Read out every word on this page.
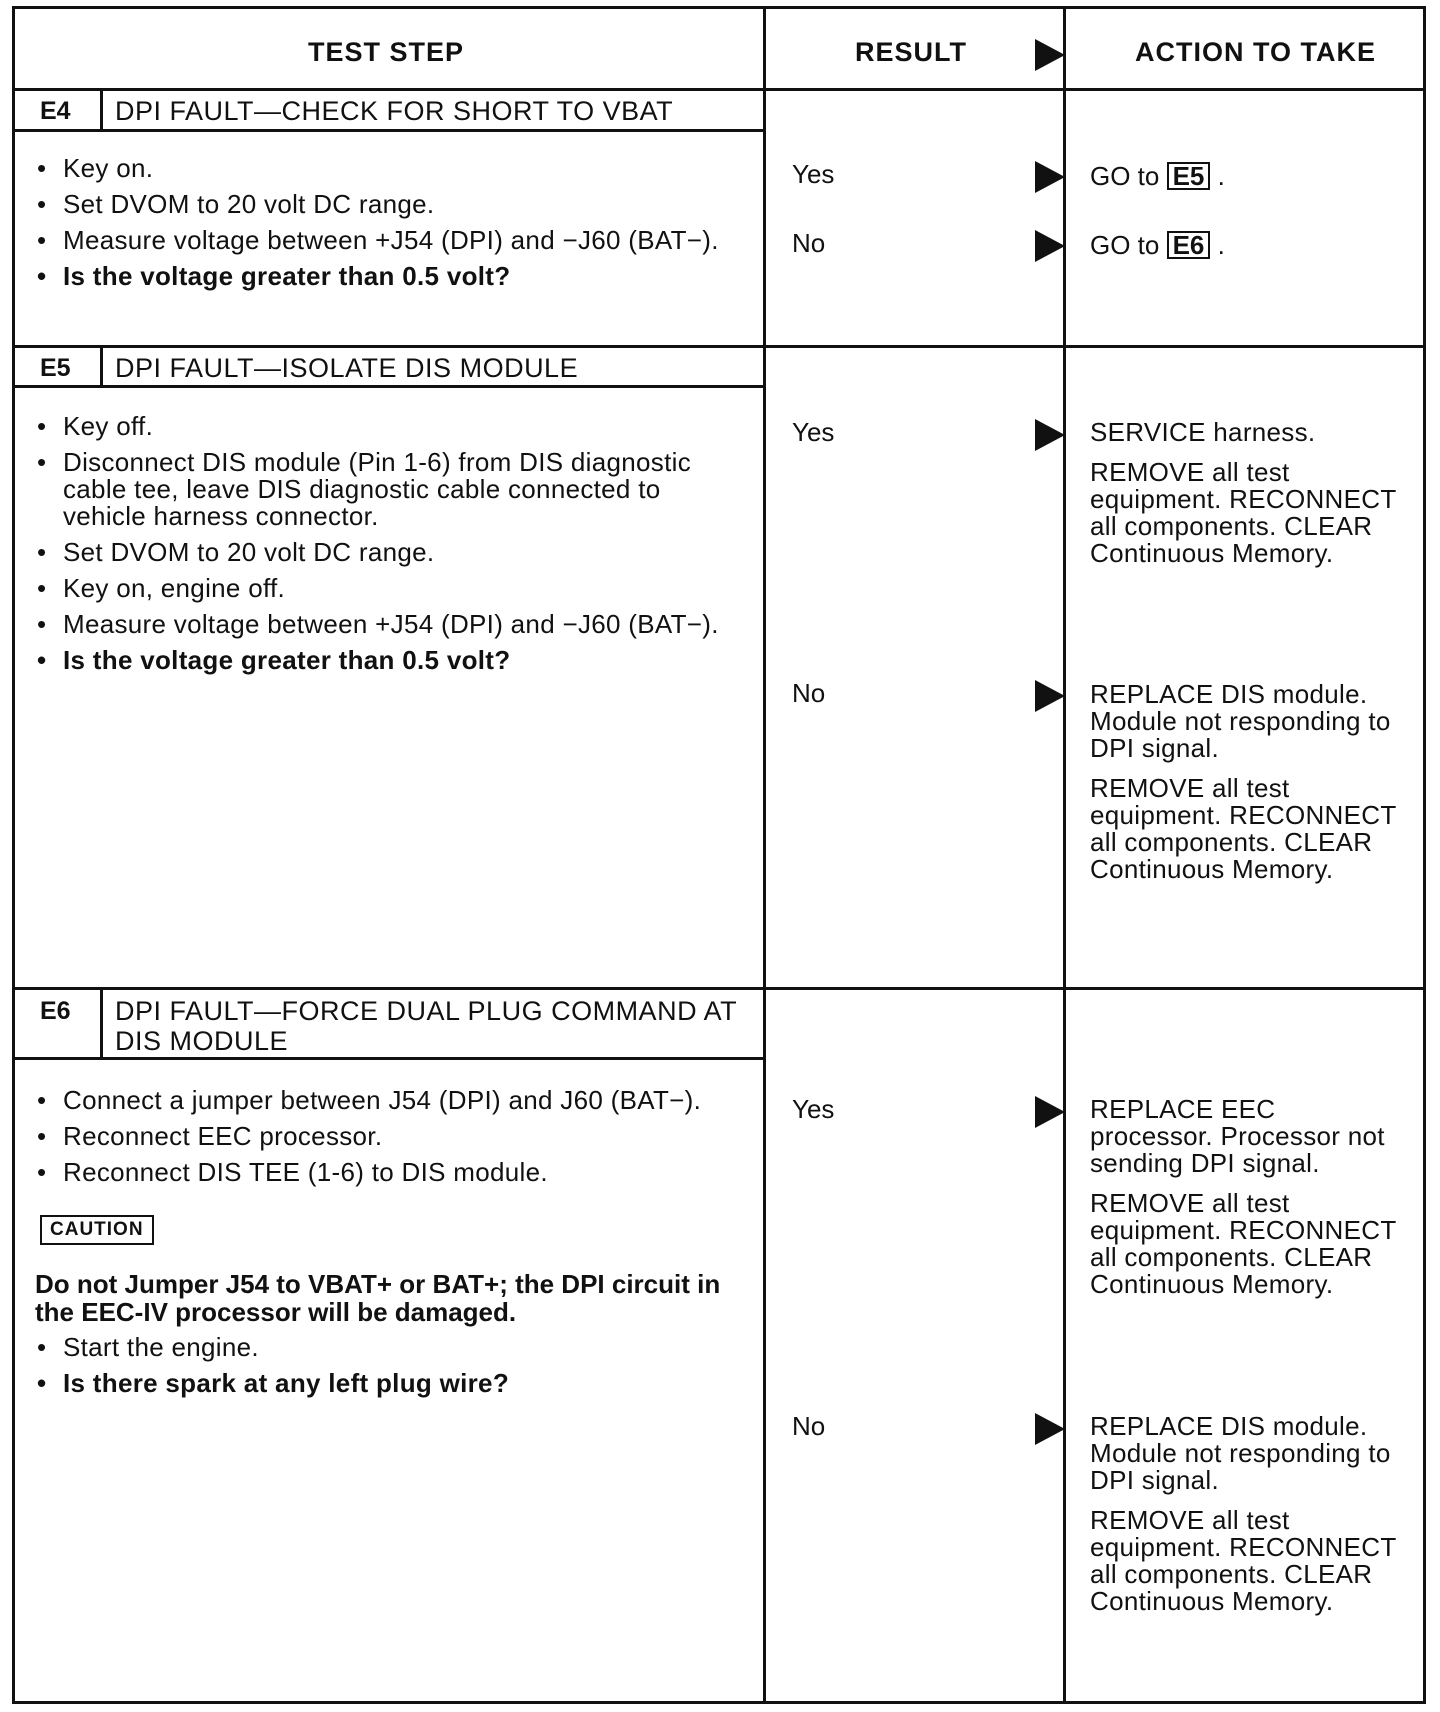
TEST STEP	RESULT	ACTION TO TAKE
E4 DPI FAULT—CHECK FOR SHORT TO VBAT
• Key on.
• Set DVOM to 20 volt DC range.
• Measure voltage between +J54 (DPI) and −J60 (BAT−).
• Is the voltage greater than 0.5 volt?
Yes	GO to E5 .
No	GO to E6 .
E5 DPI FAULT—ISOLATE DIS MODULE
• Key off.
• Disconnect DIS module (Pin 1-6) from DIS diagnostic cable tee, leave DIS diagnostic cable connected to vehicle harness connector.
• Set DVOM to 20 volt DC range.
• Key on, engine off.
• Measure voltage between +J54 (DPI) and −J60 (BAT−).
• Is the voltage greater than 0.5 volt?
Yes	SERVICE harness.

REMOVE all test equipment. RECONNECT all components. CLEAR Continuous Memory.

No	REPLACE DIS module. Module not responding to DPI signal.

REMOVE all test equipment. RECONNECT all components. CLEAR Continuous Memory.

E6 DPI FAULT—FORCE DUAL PLUG COMMAND AT DIS MODULE
• Connect a jumper between J54 (DPI) and J60 (BAT−).
• Reconnect EEC processor.
• Reconnect DIS TEE (1-6) to DIS module.
CAUTION
Do not Jumper J54 to VBAT+ or BAT+; the DPI circuit in the EEC-IV processor will be damaged.
• Start the engine.
• Is there spark at any left plug wire?
Yes	REPLACE EEC processor. Processor not sending DPI signal.

REMOVE all test equipment. RECONNECT all components. CLEAR Continuous Memory.

No	REPLACE DIS module. Module not responding to DPI signal.

REMOVE all test equipment. RECONNECT all components. CLEAR Continuous Memory.
